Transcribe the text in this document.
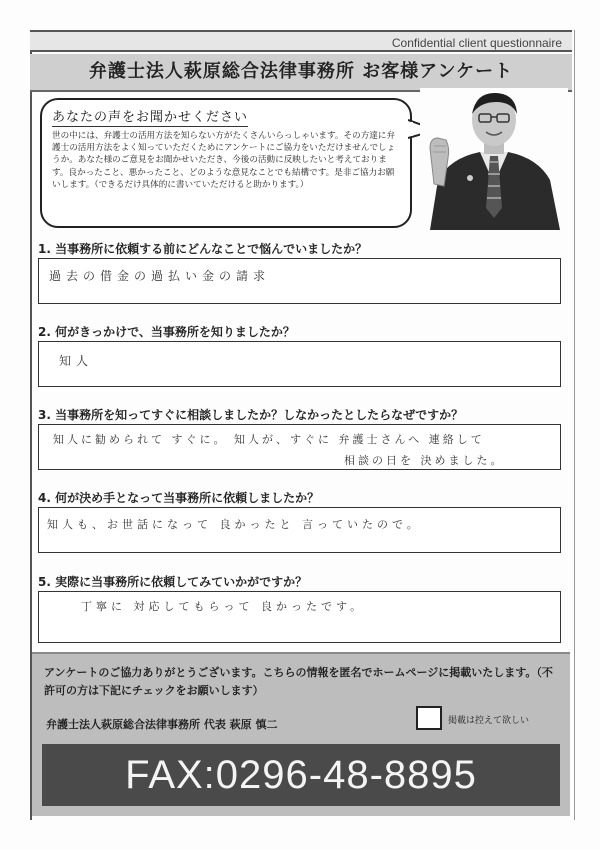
Confidential client questionnaire
弁護士法人萩原総合法律事務所 お客様アンケート
あなたの声をお聞かせください

世の中には、弁護士の活用方法を知らない方がたくさんいらっしゃいます。その方達に弁護士の活用方法をよく知っていただくためにアンケートにご協力をいただけませんでしょうか。あなた様のご意見をお聞かせいただき、今後の活動に反映したいと考えております。良かったこと、悪かったこと、どのような意見なことでも結構です。是非ご協力お願いします。（できるだけ具体的に書いていただけると助かります。）

1. 当事務所に依頼する前にどんなことで悩んでいましたか？
過去の借金の過払い金の請求
2. 何がきっかけで、当事務所を知りましたか？
知人
3. 当事務所を知ってすぐに相談しましたか？しなかったとしたらなぜですか？
知人に勧められて すぐに。 知人が、すぐに 弁護士さんへ 連絡して
相談の日を 決めました。
4. 何が決め手となって当事務所に依頼しましたか？
知人も、お世話になって 良かったと 言っていたので。
5. 実際に当事務所に依頼してみていかがですか？
丁寧に 対応してもらって 良かったです。
アンケートのご協力ありがとうございます。こちらの情報を匿名でホームページに掲載いたします。（不許可の方は下記にチェックをお願いします）
弁護士法人萩原総合法律事務所 代表 萩原 慎二	掲載は控えて欲しい
FAX:0296-48-8895
